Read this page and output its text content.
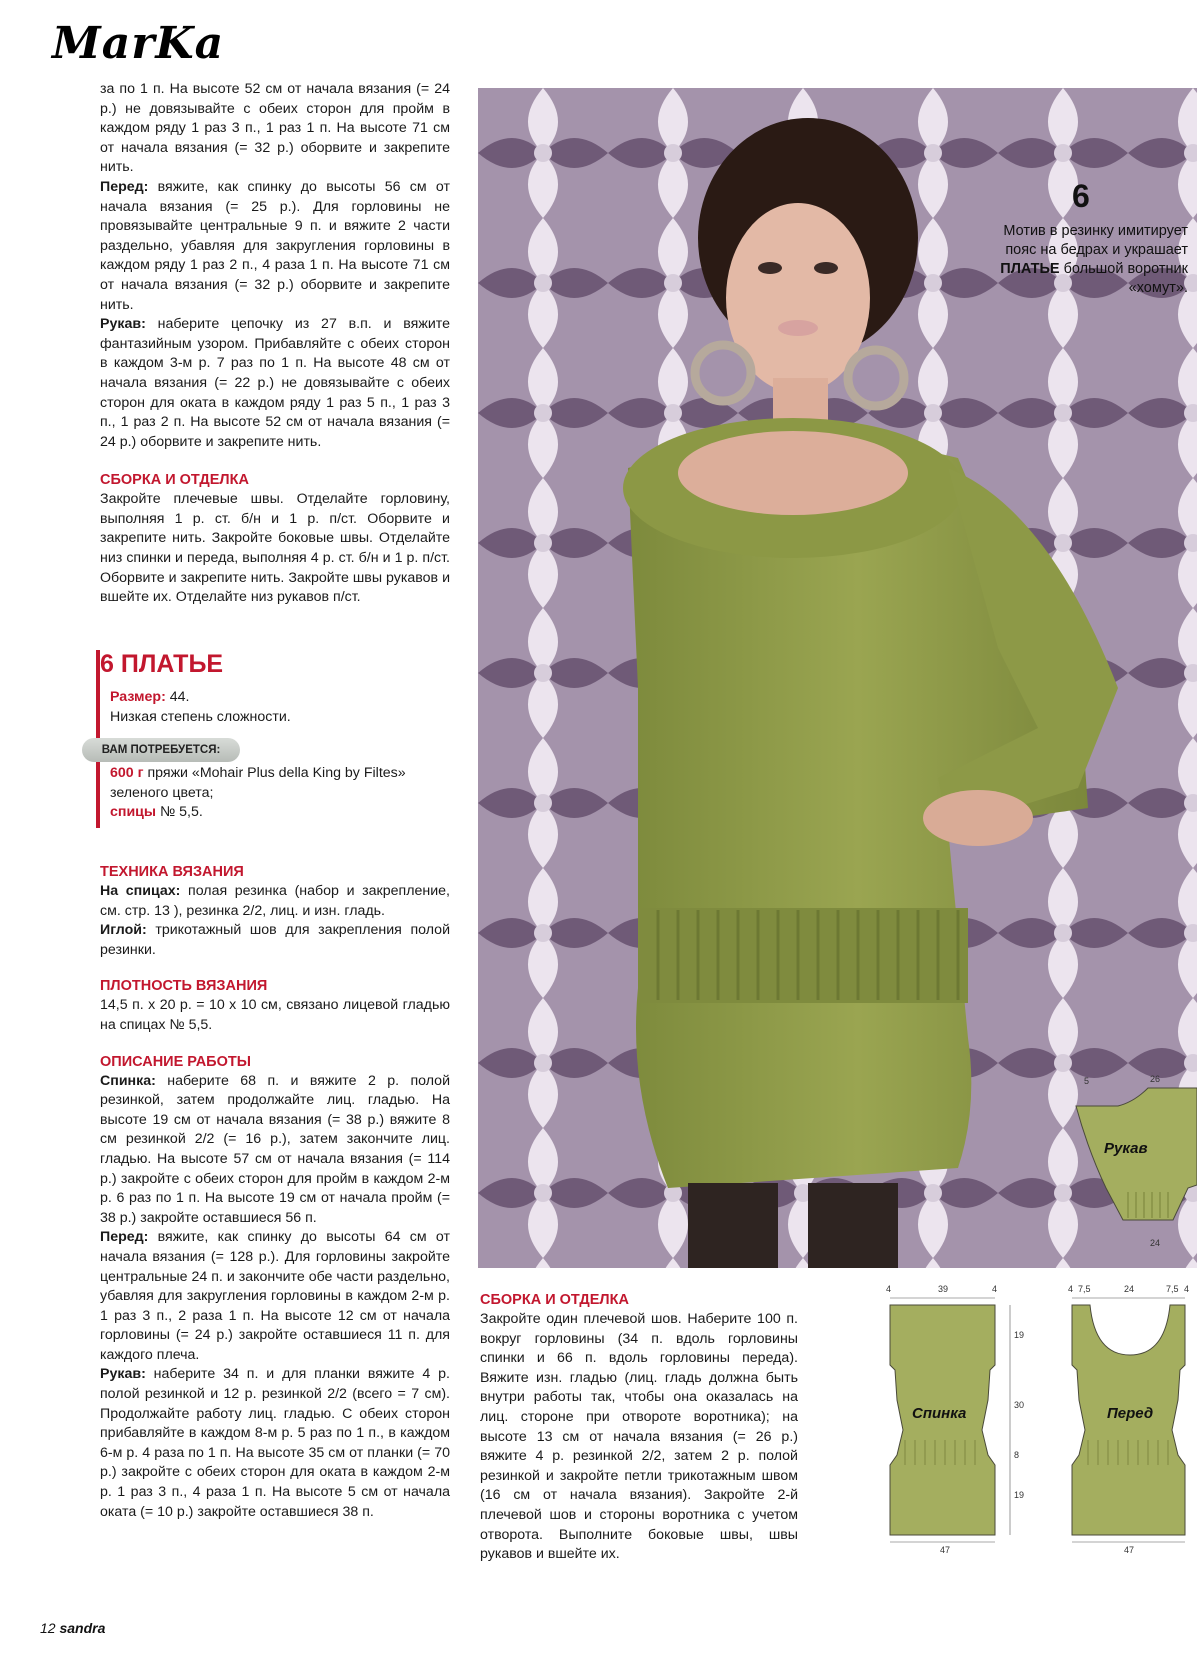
MarKa

за по 1 п. На высоте 52 см от начала вязания (= 24 р.) не довязывайте с обеих сторон для пройм в каждом ряду 1 раз 3 п., 1 раз 1 п. На высоте 71 см от начала вязания (= 32 р.) оборвите и закрепите нить.

Перед: вяжите, как спинку до высоты 56 см от начала вязания (= 25 р.). Для горловины не провязывайте центральные 9 п. и вяжите 2 части раздельно, убавляя для закругления горловины в каждом ряду 1 раз 2 п., 4 раза 1 п. На высоте 71 см от начала вязания (= 32 р.) оборвите и закрепите нить.

Рукав: наберите цепочку из 27 в.п. и вяжите фантазийным узором. Прибавляйте с обеих сторон в каждом 3-м р. 7 раз по 1 п. На высоте 48 см от начала вязания (= 22 р.) не довязывайте с обеих сторон для оката в каждом ряду 1 раз 5 п., 1 раз 3 п., 1 раз 2 п. На высоте 52 см от начала вязания (= 24 р.) оборвите и закрепите нить.

СБОРКА И ОТДЕЛКА

Закройте плечевые швы. Отделайте горловину, выполняя 1 р. ст. б/н и 1 р. п/ст. Оборвите и закрепите нить. Закройте боковые швы. Отделайте низ спинки и переда, выполняя 4 р. ст. б/н и 1 р. п/ст. Оборвите и закрепите нить. Закройте швы рукавов и вшейте их. Отделайте низ рукавов п/ст.

6 ПЛАТЬЕ

Размер: 44.

Низкая степень сложности.

ВАМ ПОТРЕБУЕТСЯ:

600 г пряжи «Mohair Plus della King by Filtes» зеленого цвета;

спицы № 5,5.

ТЕХНИКА ВЯЗАНИЯ

На спицах: полая резинка (набор и закрепление, см. стр. 13 ), резинка 2/2, лиц. и изн. гладь.

Иглой: трикотажный шов для закрепления полой резинки.

ПЛОТНОСТЬ ВЯЗАНИЯ

14,5 п. х 20 р. = 10 х 10 см, связано лицевой гладью на спицах № 5,5.

ОПИСАНИЕ РАБОТЫ

Спинка: наберите 68 п. и вяжите 2 р. полой резинкой, затем продолжайте лиц. гладью. На высоте 19 см от начала вязания (= 38 р.) вяжите 8 см резинкой 2/2 (= 16 р.), затем закончите лиц. гладью. На высоте 57 см от начала вязания (= 114 р.) закройте с обеих сторон для пройм в каждом 2-м р. 6 раз по 1 п. На высоте 19 см от начала пройм (= 38 р.) закройте оставшиеся 56 п.

Перед: вяжите, как спинку до высоты 64 см от начала вязания (= 128 р.). Для горловины закройте центральные 24 п. и закончите обе части раздельно, убавляя для закругления горловины в каждом 2-м р. 1 раз 3 п., 2 раза 1 п. На высоте 12 см от начала горловины (= 24 р.) закройте оставшиеся 11 п. для каждого плеча.

Рукав: наберите 34 п. и для планки вяжите 4 р. полой резинкой и 12 р. резинкой 2/2 (всего = 7 см). Продолжайте работу лиц. гладью. С обеих сторон прибавляйте в каждом 8-м р. 5 раз по 1 п., в каждом 6-м р. 4 раза по 1 п. На высоте 35 см от планки (= 70 р.) закройте с обеих сторон для оката в каждом 2-м р. 1 раз 3 п., 4 раза 1 п. На высоте 5 см от начала оката (= 10 р.) закройте оставшиеся 38 п.

6
Мотив в резинку имитирует пояс на бедрах и украшает ПЛАТЬЕ большой воротник «хомут».
5	26
Рукав
24

СБОРКА И ОТДЕЛКА

Закройте один плечевой шов. Наберите 100 п. вокруг горловины (34 п. вдоль горловины спинки и 66 п. вдоль горловины переда). Вяжите изн. гладью (лиц. гладь должна быть внутри работы так, чтобы она оказалась на лиц. стороне при отвороте воротника); на высоте 13 см от начала вязания (= 26 р.) вяжите 4 р. резинкой 2/2, затем 2 р. полой резинкой и закройте петли трикотажным швом (16 см от начала вязания). Закройте 2-й плечевой шов и стороны воротника с учетом отворота. Выполните боковые швы, швы рукавов и вшейте их.

4	39	4
19
30
8
19
Спинка
47
4 7,5	24	7,5 4
Перед
47
12 sandra
